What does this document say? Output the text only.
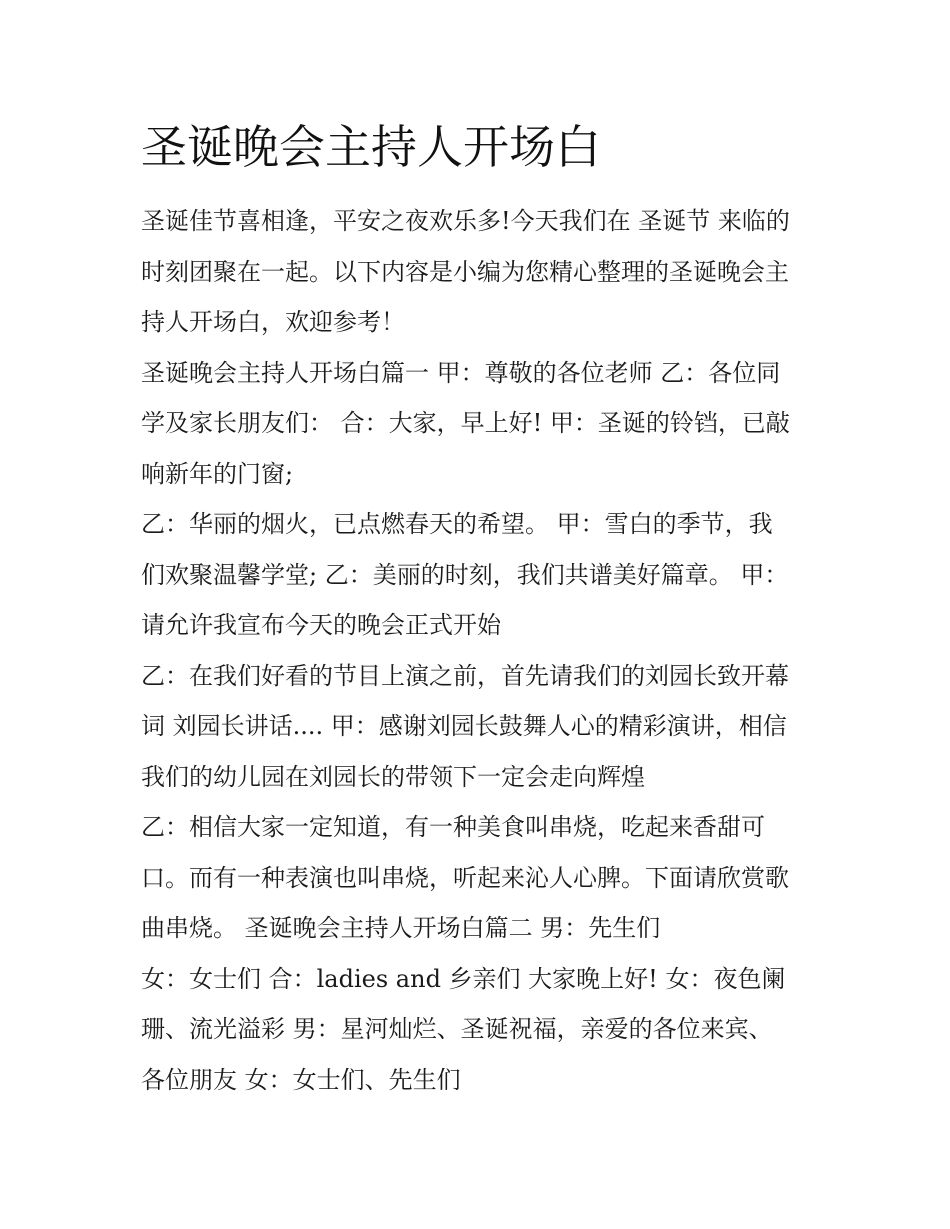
圣诞晚会主持人开场白
圣诞佳节喜相逢，平安之夜欢乐多!今天我们在 圣诞节 来临的
时刻团聚在一起。以下内容是小编为您精心整理的圣诞晚会主
持人开场白，欢迎参考！
圣诞晚会主持人开场白篇一 甲：尊敬的各位老师 乙：各位同
学及家长朋友们： 合：大家，早上好! 甲：圣诞的铃铛，已敲
响新年的门窗;
乙：华丽的烟火，已点燃春天的希望。 甲：雪白的季节，我
们欢聚温馨学堂; 乙：美丽的时刻，我们共谱美好篇章。 甲：
请允许我宣布今天的晚会正式开始
乙：在我们好看的节目上演之前，首先请我们的刘园长致开幕
词 刘园长讲话.... 甲：感谢刘园长鼓舞人心的精彩演讲，相信
我们的幼儿园在刘园长的带领下一定会走向辉煌
乙：相信大家一定知道，有一种美食叫串烧，吃起来香甜可
口。而有一种表演也叫串烧，听起来沁人心脾。下面请欣赏歌
曲串烧。 圣诞晚会主持人开场白篇二 男：先生们
女：女士们 合：ladies and 乡亲们 大家晚上好! 女：夜色阑
珊、流光溢彩 男：星河灿烂、圣诞祝福，亲爱的各位来宾、
各位朋友 女：女士们、先生们
